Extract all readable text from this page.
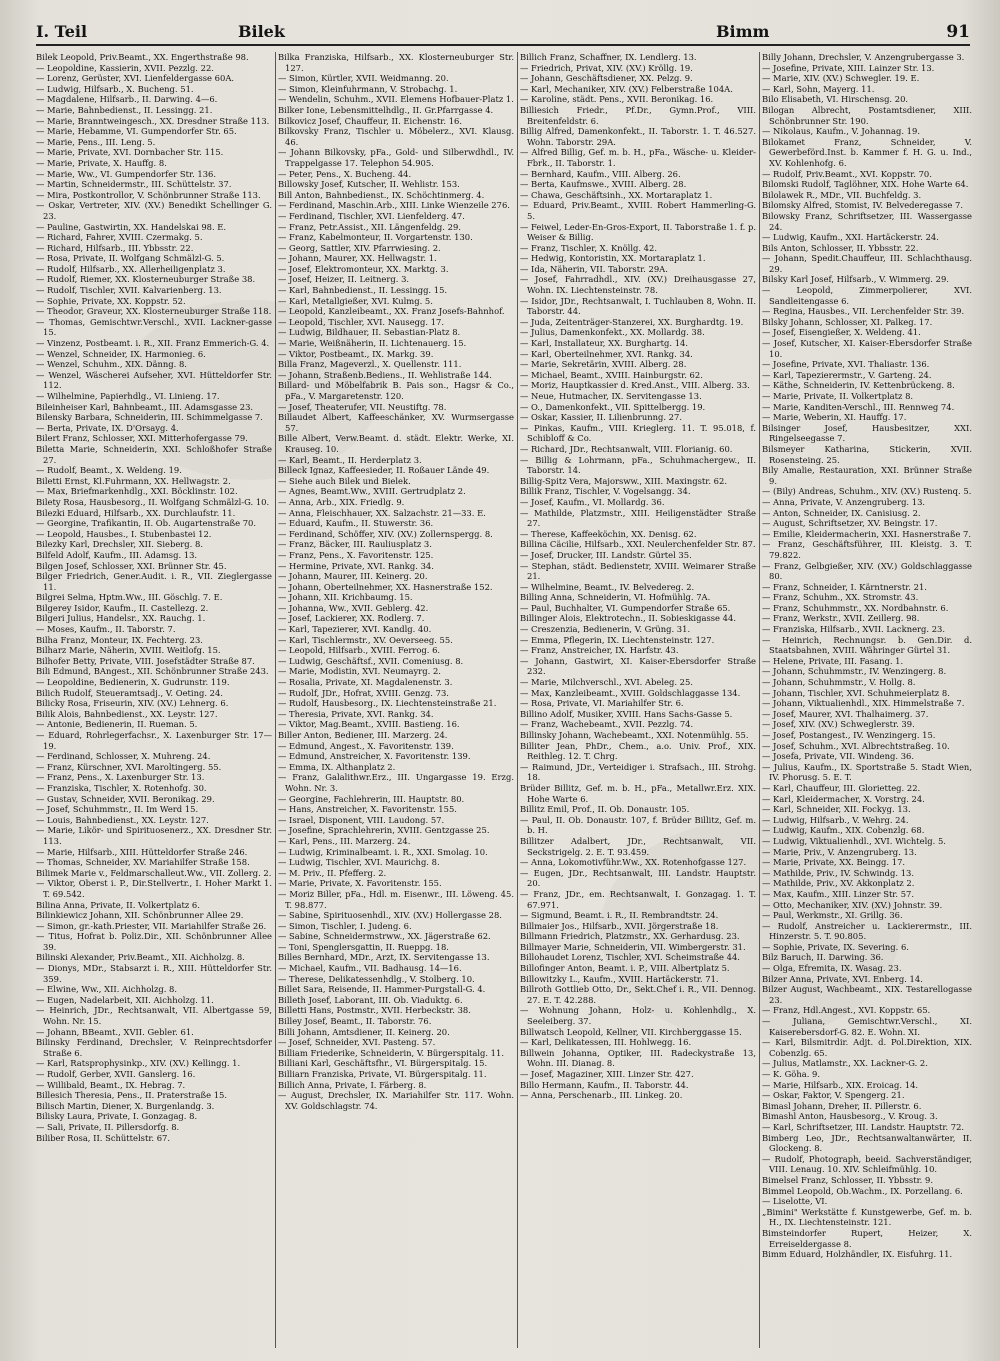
I. Teil	Bilek	Bimm	91

Bilek Leopold, Priv.Beamt., XX. Engerthstraße 98.

— Leopoldine, Kassierin, XVII. Pezzlg. 22.

— Lorenz, Gerüster, XVI. Lienfeldergasse 60A.

— Ludwig, Hilfsarb., X. Bucheng. 51.

— Magdalene, Hilfsarb., II. Darwing. 4—6.

— Marie, Bahnbedienst., II. Lessingg. 21.

— Marie, Branntweingesch., XX. Dresdner Straße 113.

— Marie, Hebamme, VI. Gumpendorfer Str. 65.

— Marie, Pens., III. Leng. 5.

— Marie, Private, XVI. Dornbacher Str. 115.

— Marie, Private, X. Hauffg. 8.

— Marie, Ww., VI. Gumpendorfer Str. 136.

— Martin, Schneidermstr., III. Schüttelstr. 37.

— Mira, Postkontrollor, V. Schönbrunner Straße 113.

— Oskar, Vertreter, XIV. (XV.) Benedikt Schellinger G. 23.

— Pauline, Gastwirtin, XX. Handelskai 98. E.

— Richard, Fahrer, XVIII. Czermakg. 5.

— Richard, Hilfsarb., III. Ybbsstr. 22.

— Rosa, Private, II. Wolfgang Schmälzl-G. 5.

— Rudolf, Hilfsarb., XX. Allerheiligenplatz 3.

— Rudolf, Riemer, XX. Klosterneuburger Straße 38.

— Rudolf, Tischler, XVII. Kalvarienberg. 13.

— Sophie, Private, XX. Koppstr. 52.

— Theodor, Graveur, XX. Klosterneuburger Straße 118.

— Thomas, Gemischtwr.Verschl., XVII. Lackner-gasse 15.

— Vinzenz, Postbeamt. i. R., XII. Franz Emmerich-G. 4.

— Wenzel, Schneider, IX. Harmonieg. 6.

— Wenzel, Schuhm., XIX. Dänng. 8.

— Wenzel, Wäscherei Aufseher, XVI. Hütteldorfer Str. 112.

— Wilhelmine, Papierhdlg., VI. Linieng. 17.

Bileinheiser Karl, Bahnbeamt., III. Adamsgasse 23.

Bilensky Barbara, Schneiderin, III. Schimmelgasse 7.

— Berta, Private, IX. D'Orsayg. 4.

Bilert Franz, Schlosser, XXI. Mitterhofergasse 79.

Biletta Marie, Schneiderin, XXI. Schloßhofer Straße 27.

— Rudolf, Beamt., X. Weldeng. 19.

Biletti Ernst, Kl.Fuhrmann, XX. Hellwagstr. 2.

— Max, Briefmarkenhdlg., XXI. Böcklinstr. 102.

Bilety Rosa, Hausbesorg., II. Wolfgang Schmälzl-G. 10.

Bilezki Eduard, Hilfsarb., XX. Durchlaufstr. 11.

— Georgine, Trafikantin, II. Ob. Augartenstraße 70.

— Leopold, Hausbes., I. Stubenbastei 12.

Bilezky Karl, Drechsler, XII. Sieberg. 8.

Bilfeld Adolf, Kaufm., III. Adamsg. 13.

Bilgen Josef, Schlosser, XXI. Brünner Str. 45.

Bilger Friedrich, Gener.Audit. i. R., VII. Zieglergasse 11.

Bilgrei Selma, Hptm.Ww., III. Göschlg. 7. E.

Bilgerey Isidor, Kaufm., II. Castellezg. 2.

Bilgeri Julius, Handelsr., XX. Rauchg. 1.

— Moses, Kaufm., II. Taborstr. 7.

Bilha Franz, Monteur, IX. Fechterg. 23.

Bilharz Marie, Näherin, XVIII. Weitlofg. 15.

Bilhofer Betty, Private, VIII. Josefstädter Straße 87.

Bili Edmund, BAngest., XII. Schönbrunner Straße 243.

— Leopoldine, Bedienerin, X. Gudrunstr. 119.

Bilich Rudolf, Steueramtsadj., V. Oeting. 24.

Bilicky Rosa, Friseurin, XIV. (XV.) Lehnerg. 6.

Bilik Alois, Bahnbedienst., XX. Leystr. 127.

— Antonie, Bedienerin, II. Rueman. 5.

— Eduard, Rohrlegerfachsr., X. Laxenburger Str. 17—19.

— Ferdinand, Schlosser, X. Muhreng. 24.

— Franz, Kürschner, XVI. Maroltingerg. 55.

— Franz, Pens., X. Laxenburger Str. 13.

— Franziska, Tischler, X. Rotenhofg. 30.

— Gustav, Schneider, XVII. Beronikag. 29.

— Josef, Schuhmmstr., II. Im Werd 15.

— Louis, Bahnbedienst., XX. Leystr. 127.

— Marie, Likör- und Spirituosenerz., XX. Dresdner Str. 113.

— Marie, Hilfsarb., XIII. Hütteldorfer Straße 246.

— Thomas, Schneider, XV. Mariahilfer Straße 158.

Bilimek Marie v., Feldmarschalleut.Ww., VII. Zollerg. 2.

— Viktor, Oberst i. P., Dir.Stellvertr., I. Hoher Markt 1. T. 69.542.

Bilina Anna, Private, II. Volkertplatz 6.

Bilinkiewicz Johann, XII. Schönbrunner Allee 29.

— Simon, gr.-kath.Priester, VII. Mariahilfer Straße 26.

— Titus, Hofrat b. Poliz.Dir., XII. Schönbrunner Allee 39.

Bilinski Alexander, Priv.Beamt., XII. Aichholzg. 8.

— Dionys, MDr., Stabsarzt i. R., XIII. Hütteldorfer Str. 359.

— Elwine, Ww., XII. Aichholzg. 8.

— Eugen, Nadelarbeit, XII. Aichholzg. 11.

— Heinrich, JDr., Rechtsanwalt, VII. Albertgasse 59, Wohn. Nr. 15.

— Johann, BBeamt., XVII. Gebler. 61.

Bilinsky Ferdinand, Drechsler, V. Reinprechtsdorfer Straße 6.

— Karl, Ratsprophysinkp., XIV. (XV.) Kellingg. 1.

— Rudolf, Gerber, XVII. Ganslerg. 16.

— Willibald, Beamt., IX. Hebrag. 7.

Billesich Theresia, Pens., II. Praterstraße 15.

Bilisch Martin, Diener, X. Burgenlandg. 3.

Bilisky Laura, Private, I. Gonzagag. 8.

— Sali, Private, II. Pillersdorfg. 8.

Biliber Rosa, II. Schüttelstr. 67.

Bilka Franziska, Hilfsarb., XX. Klosterneuburger Str. 127.

— Simon, Kürtler, XVII. Weidmanng. 20.

— Simon, Kleinfuhrmann, V. Strobachg. 1.

— Wendelin, Schuhm., XVII. Elemens Hofbauer-Platz 1.

Bilker Ione, Lebensmittelhdlg., II. Gr.Pfarrgasse 4.

Bilkovicz Josef, Chauffeur, II. Eichenstr. 16.

Bilkovsky Franz, Tischler u. Möbelerz., XVI. Klausg. 46.

— Johann Bilkovsky, pFa., Gold- und Silberwdhdl., IV. Trappelgasse 17. Telephon 54.905.

— Peter, Pens., X. Bucheng. 44.

Billowsky Josef, Kutscher, II. Wehlistr. 153.

Bill Anton, Bahnbedienst., IX. Schöchtinmerg. 4.

— Ferdinand, Maschin.Arb., XIII. Linke Wienzeile 276.

— Ferdinand, Tischler, XVI. Lienfelderg. 47.

— Franz, Petr.Assist., XII. Längenfeldg. 29.

— Franz, Kabelmonteur, II. Vorgartenstr. 130.

— Georg, Sattler, XIV. Pfarrwiesing. 2.

— Johann, Maurer, XX. Hellwagstr. 1.

— Josef, Elektromonteur, XX. Marktg. 3.

— Josef, Heizer, II. Leitnerg. 3.

— Karl, Bahnbedienst., II. Lessingg. 15.

— Karl, Metallgießer, XVI. Kulmg. 5.

— Leopold, Kanzleibeamt., XX. Franz Josefs-Bahnhof.

— Leopold, Tischler, XVI. Nausegg. 17.

— Ludwig, Bildhauer, II. Sebastian-Platz 8.

— Marie, Weißnäherin, II. Lichtenauerg. 15.

— Viktor, Postbeamt., IX. Markg. 39.

Billa Franz, Mageverzl., X. Quellenstr. 111.

— Johann, Straßenb.Bediens., II. Wehlistraße 144.

Billard- und Möbelfabrik B. Pais son., Hagsr & Co., pFa., V. Margaretenstr. 120.

— Josef, Theaterufer, VII. Neustiftg. 78.

Billaudet Albert, Kaffeeschänker, XV. Wurmsergasse 57.

Bille Albert, Verw.Beamt. d. städt. Elektr. Werke, XI. Krauseg. 10.

— Karl, Beamt., II. Herderplatz 3.

Billeck Ignaz, Kaffeesieder, II. Roßauer Lände 49.

— Siehe auch Bilek und Bielek.

— Agnes, Beamt.Ww., XVIII. Gertrudplatz 2.

— Anna, Arb., XIX. Friedlg. 9.

— Anna, Fleischhauer, XX. Salzachstr. 21—33. E.

— Eduard, Kaufm., II. Stuwerstr. 36.

— Ferdinand, Schöffer, XIV. (XV.) Zollernspergg. 8.

— Franz, Bäcker, III. Rauliusplatz 3.

— Franz, Pens., X. Favoritenstr. 125.

— Hermine, Private, XVI. Rankg. 34.

— Johann, Maurer, III. Keinerg. 20.

— Johann, Oberteilnehmer, XX. Hasnerstraße 152.

— Johann, XII. Krichbaumg. 15.

— Johanna, Ww., XVII. Geblerg. 42.

— Josef, Lackierer, XX. Rodlerg. 7.

— Karl, Tapezierer, XVI. Kandlg. 40.

— Karl, Tischlermstr., XV. Oeverseeg. 55.

— Leopold, Hilfsarb., XVIII. Ferrog. 6.

— Ludwig, Geschäftsf., XVII. Comeniusg. 8.

— Marie, Modistin, XVI. Neumayrg. 2.

— Rosalia, Private, XI. Magdalenenstr. 3.

— Rudolf, JDr., Hofrat, XVIII. Genzg. 73.

— Rudolf, Hausbesorg., IX. Liechtensteinstraße 21.

— Theresia, Private, XVI. Rankg. 34.

— Viktor, Mag.Beamt., XVIII. Bastieng. 16.

Biller Anton, Bediener, III. Marzerg. 24.

— Edmund, Angest., X. Favoritenstr. 139.

— Edmund, Anstreicher, X. Favoritenstr. 139.

— Emma, IX. Althanplatz 2.

— Franz, Galalithwr.Erz., III. Ungargasse 19. Erzg. Wohn. Nr. 3.

— Georgine, Fachlehrerin, III. Hauptstr. 80.

— Hans, Anstreicher, X. Favoritenstr. 155.

— Israel, Disponent, VIII. Laudong. 57.

— Josefine, Sprachlehrerin, XVIII. Gentzgasse 25.

— Karl, Pens., III. Marzerg. 24.

— Ludwig, Kriminalbeamt. i. R., XXI. Smolag. 10.

— Ludwig, Tischler, XVI. Maurichg. 8.

— M. Priv., II. Pfefferg. 2.

— Marie, Private, X. Favoritenstr. 155.

— Moriz Biller, pFa., Hdl. m. Eisenwr., III. Löweng. 45. T. 98.877.

— Sabine, Spirituosenhdl., XIV. (XV.) Hollergasse 28.

— Simon, Tischler, I. Judeng. 6.

— Sabine, Schneidermstrww., XX. Jägerstraße 62.

— Toni, Spenglersgattin, II. Rueppg. 18.

Billes Bernhard, MDr., Arzt, IX. Servitengasse 13.

— Michael, Kaufm., VII. Badhausg. 14—16.

— Therese, Delikatessenhdlg., V. Stolberg. 10.

Billet Sara, Reisende, II. Hammer-Purgstall-G. 4.

Billeth Josef, Laborant, III. Ob. Viaduktg. 6.

Billetti Hans, Postmstr., XVII. Herbeckstr. 38.

Billey Josef, Beamt., II. Taborstr. 76.

Billi Johann, Amtsdiener, II. Keinerg. 20.

— Josef, Schneider, XVI. Pasteng. 57.

Billiam Friederike, Schneiderin, V. Bürgerspitalg. 11.

Billiani Karl, Geschäftsfhr., VI. Bürgerspitalg. 15.

Billiarn Franziska, Private, VI. Bürgerspitalg. 11.

Billich Anna, Private, I. Färberg. 8.

— August, Drechsler, IX. Mariahilfer Str. 117. Wohn. XV. Goldschlagstr. 74.

Billich Franz, Schaffner, IX. Lendlerg. 13.

— Friedrich, Privat, XIV. (XV.) Kröllg. 19.

— Johann, Geschäftsdiener, XX. Pelzg. 9.

— Karl, Mechaniker, XIV. (XV.) Felberstraße 104A.

— Karoline, städt. Pens., XVII. Beronikag. 16.

Billiesich Friedr., Pf.Dr., Gymn.Prof., VIII. Breitenfeldstr. 6.

Billig Alfred, Damenkonfekt., II. Taborstr. 1. T. 46.527. Wohn. Taborstr. 29A.

— Alfred Billig, Gef. m. b. H., pFa., Wäsche- u. Kleider-Fbrk., II. Taborstr. 1.

— Bernhard, Kaufm., VIII. Alberg. 26.

— Berta, Kaufmswe., XVIII. Alberg. 28.

— Chawa, Geschäftsinh., XX. Mortaraplatz 1.

— Eduard, Priv.Beamt., XVIII. Robert Hammerling-G. 5.

— Feiwel, Leder-En-Gros-Export, II. Taborstraße 1. f. p. Weiser & Billig.

— Franz, Tischler, X. Knöllg. 42.

— Hedwig, Kontoristin, XX. Mortaraplatz 1.

— Ida, Näherin, VII. Taborstr. 29A.

— Josef, Fahrradhdl., XIV. (XV.) Dreihausgasse 27, Wohn. IX. Liechtensteinstr. 78.

— Isidor, JDr., Rechtsanwalt, I. Tuchlauben 8, Wohn. II. Taborstr. 44.

— Juda, Zeitenträger-Stanzerei, XX. Burghardtg. 19.

— Julius, Damenkonfekt., XX. Mollardg. 38.

— Karl, Installateur, XX. Burghartg. 14.

— Karl, Oberteilnehmer, XVI. Rankg. 34.

— Marie, Sekretärin, XVIII. Alberg. 28.

— Michael, Beamt., XVIII. Hainburgstr. 62.

— Moriz, Hauptkassier d. Kred.Anst., VIII. Alberg. 33.

— Neue, Hutmacher, IX. Servitengasse 13.

— O., Damenkonfekt., VII. Spittelbergg. 19.

— Oskar, Kassier, II. Lilienbrunng. 27.

— Pinkas, Kaufm., VIII. Krieglerg. 11. T. 95.018, f. Schibloff & Co.

— Richard, JDr., Rechtsanwalt, VIII. Florianig. 60.

— Billig & Lohrmann, pFa., Schuhmachergew., II. Taborstr. 14.

Billig-Spitz Vera, Majorsww., XIII. Maxingstr. 62.

Billik Franz, Tischler, V. Vogelsangg. 34.

— Josef, Kaufm., VI. Mollardg. 36.

— Mathilde, Platzmstr., XIII. Heiligenstädter Straße 27.

— Therese, Kaffeeköchin, XX. Denisg. 62.

Billina Cäcilie, Hilfsarb., XXI. Neulerchenfelder Str. 87.

— Josef, Drucker, III. Landstr. Gürtel 35.

— Stephan, städt. Bedienstetr, XVIII. Weimarer Straße 21.

— Wilhelmine, Beamt., IV. Belvedereg. 2.

Billing Anna, Schneiderin, VI. Hofmühlg. 7A.

— Paul, Buchhalter, VI. Gumpendorfer Straße 65.

Billinger Alois, Elektrotechn., II. Sobieskigasse 44.

— Creszenzia, Bedienerin, V. Grüng. 31.

— Emma, Pflegerin, IX. Liechtensteinstr. 127.

— Franz, Anstreicher, IX. Harfstr. 43.

— Johann, Gastwirt, XI. Kaiser-Ebersdorfer Straße 232.

— Marie, Milchverschl., XVI. Abeleg. 25.

— Max, Kanzleibeamt., XVIII. Goldschlaggasse 134.

— Rosa, Private, VI. Mariahilfer Str. 6.

Billino Adolf, Musiker, XVIII. Hans Sachs-Gasse 5.

— Franz, Wachebeamt., XVII. Pezzlg. 74.

Billinsky Johann, Wachebeamt., XXI. Notenmühlg. 55.

Billiter Jean, PhDr., Chem., a.o. Univ. Prof., XIX. Reithleg. 12. T. Chrg.

— Raimund, JDr., Verteidiger i. Strafsach., III. Strohg. 18.

Brüder Billitz, Gef. m. b. H., pFa., Metallwr.Erz. XIX. Hohe Warte 6.

Billitz Emil, Prof., II. Ob. Donaustr. 105.

— Paul, II. Ob. Donaustr. 107, f. Brüder Billitz, Gef. m. b. H.

Billitzer Adalbert, JDr., Rechtsanwalt, VII. Seckstrigelg. 2. E. T. 93.459.

— Anna, Lokomotivführ.Ww., XX. Rotenhofgasse 127.

— Eugen, JDr., Rechtsanwalt, III. Landstr. Hauptstr. 20.

— Franz, JDr., em. Rechtsanwalt, I. Gonzagag. 1. T. 67.971.

— Sigmund, Beamt. i. R., II. Rembrandtstr. 24.

Billmaier Jos., Hilfsarb., XVII. Jörgerstraße 18.

Billmann Friedrich, Platzmstr., XX. Gerhardusg. 23.

Billmayer Marie, Schneiderin, VII. Wimbergerstr. 31.

Billohaudet Lorenz, Tischler, XVI. Scheimstraße 44.

Billofinger Anton, Beamt. i. P., VIII. Albertplatz 5.

Billowitzky L., Kaufm., XVIII. Hartäckerstr. 71.

Billroth Gottlieb Otto, Dr., Sekt.Chef i. R., VII. Dennog. 27. E. T. 42.288.

— Wohnung Johann, Holz- u. Kohlenhdlg., X. Seeleiberg. 37.

Billwatsch Leopold, Kellner, VII. Kirchberggasse 15.

— Karl, Delikatessen, III. Hohlwegg. 16.

Billwein Johanna, Optiker, III. Radeckystraße 13, Wohn. III. Dianag. 8.

— Josef, Magaziner, XIII. Linzer Str. 427.

Billo Hermann, Kaufm., II. Taborstr. 44.

— Anna, Perschenarb., III. Linkeg. 20.

Billy Johann, Drechsler, V. Anzengrubergasse 3.

— Josefine, Private, XIII. Lainzer Str. 13.

— Marie, XIV. (XV.) Schwegler. 19. E.

— Karl, Sohn, Mayerg. 11.

Bilo Elisabeth, VI. Hirschensg. 20.

Bilogan Albrecht, Postamtsdiener, XIII. Schönbrunner Str. 190.

— Nikolaus, Kaufm., V. Johannag. 19.

Bilokamet Franz, Schneider, V. Gewerbeförd.Inst. b. Kammer f. H. G. u. Ind., XV. Kohlenhofg. 6.

— Rudolf, Priv.Beamt., XVI. Koppstr. 70.

Bilomski Rudolf, Taglöhner, XIX. Hohe Warte 64.

Bilolawek R., MDr., VII. Buchfeldg. 3.

Bilomsky Alfred, Stomist, IV. Belvederegasse 7.

Bilowsky Franz, Schriftsetzer, III. Wassergasse 24.

— Ludwig, Kaufm., XXI. Hartäckerstr. 24.

Bils Anton, Schlosser, II. Ybbsstr. 22.

— Johann, Spedit.Chauffeur, III. Schlachthausg. 29.

Bilsky Karl Josef, Hilfsarb., V. Wimmerg. 29.

— Leopold, Zimmerpolierer, XVI. Sandleitengasse 6.

— Regina, Hausbes., VII. Lerchenfelder Str. 39.

Bilsky Johann, Schlosser, XI. Palkeg. 17.

— Josef, Eisengießer, X. Weldeng. 41.

— Josef, Kutscher, XI. Kaiser-Ebersdorfer Straße 10.

— Josefine, Private, XVI. Thaliastr. 136.

— Karl, Tapezierermstr., V. Garteng. 24.

— Käthe, Schneiderin, IV. Kettenbrückeng. 8.

— Marie, Private, II. Volkertplatz 8.

— Marie, Kanditen-Verschl., III. Rennweg 74.

— Marie, Weberin, XI. Hauffg. 17.

Bilsinger Josef, Hausbesitzer, XXI. Ringelseegasse 7.

Bilsmeyer Katharina, Stickerin, XVII. Rosensteing. 25.

Bily Amalie, Restauration, XXI. Brünner Straße 9.

— (Bily) Andreas, Schuhm., XIV. (XV.) Rustenq. 5.

— Anna, Private, V. Anzengruberg. 13.

— Anton, Schneider, IX. Canisiusg. 2.

— August, Schriftsetzer, XV. Beingstr. 17.

— Emilie, Kleidermacherin, XXI. Hasnerstraße 7.

— Franz, Geschäftsführer, III. Kleistg. 3. T. 79.822.

— Franz, Gelbgießer, XIV. (XV.) Goldschlaggasse 80.

— Franz, Schneider, I. Kärntnerstr. 21.

— Franz, Schuhm., XX. Stromstr. 43.

— Franz, Schuhmmstr., XX. Nordbahnstr. 6.

— Franz, Werkstr., XVII. Zeillerg. 98.

— Franziska, Hilfsarb., XVII. Lacknerg. 23.

— Heinrich, Rechnungsr. b. Gen.Dir. d. Staatsbahnen, XVIII. Währinger Gürtel 31.

— Helene, Private, III. Fasang. 1.

— Johann, Schuhmmstr., IV. Wenzingerg. 8.

— Johann, Schuhmmstr., V. Hollg. 8.

— Johann, Tischler, XVI. Schuhmeierplatz 8.

— Johann, Viktualienhdl., XIX. Himmelstraße 7.

— Josef, Maurer, XVI. Thalhaimerg. 37.

— Josef, XIV. (XV.) Schweglerstr. 39.

— Josef, Postangest., IV. Wenzingerg. 15.

— Josef, Schuhm., XVI. Albrechtstraßeg. 10.

— Josefa, Private, VII. Windeng. 36.

— Julius, Kaufm., IX. Sportstraße 5. Stadt Wien, IV. Phorusg. 5. E. T.

— Karl, Chauffeur, III. Glorietteg. 22.

— Karl, Kleidermacher, X. Vorstrg. 24.

— Karl, Schneider, XII. Fockyg. 13.

— Ludwig, Hilfsarb., V. Wehrg. 24.

— Ludwig, Kaufm., XIX. Cobenzlg. 68.

— Ludwig, Viktualienhdl., XVI. Wichtelg. 5.

— Marie, Priv., V. Anzengruberg. 13.

— Marie, Private, XX. Beingg. 17.

— Mathilde, Priv., IV. Schwindg. 13.

— Mathilde, Priv., XV. Akkonplatz 2.

— Max, Kaufm., XIII. Linzer Str. 57.

— Otto, Mechaniker, XIV. (XV.) Johnstr. 39.

— Paul, Werkmstr., XI. Grillg. 36.

— Rudolf, Anstreicher u. Lackierermstr., III. Hinzerstr. 5. T. 90.805.

— Sophie, Private, IX. Severing. 6.

Bilz Baruch, II. Darwing. 36.

— Olga, Efremita, IX. Wasag. 23.

Bilzer Anna, Private, XVI. Enberg. 14.

Bilzer August, Wachbeamt., XIX. Testarellogasse 23.

— Franz, Hdl.Angest., XVI. Koppstr. 65.

— Juliana, Gemischtwr.Verschl., XI. Kaiserebersdorf-G. 82. E. Wohn. XI.

— Karl, Bilsmitrdir. Adjt. d. Pol.Direktion, XIX. Cobenzlg. 65.

— Julius, Matlamstr., XX. Lackner-G. 2.

— K. Göha. 9.

— Marie, Hilfsarb., XIX. Eroicag. 14.

— Oskar, Faktor, V. Spengerg. 21.

Bimasl Johann, Dreher, II. Pillerstr. 6.

Bimashl Anton, Hausbesorg., V. Kroug. 3.

— Karl, Schriftsetzer, III. Landstr. Hauptstr. 72.

Bimberg Leo, JDr., Rechtsanwaltanwärter, II. Glockeng. 8.

— Rudolf, Photograph, beeid. Sachverständiger, VIII. Lenaug. 10. XIV. Schleifmühlg. 10.

Bimelsel Franz, Schlosser, II. Ybbsstr. 9.

Bimmel Leopold, Ob.Wachm., IX. Porzellang. 6.

— Liselotte, VI.

„Bimini" Werkstätte f. Kunstgewerbe, Gef. m. b. H., IX. Liechtensteinstr. 121.

Bimsteindorfer Rupert, Heizer, X. Erreiseldergasse 8.

Bimm Eduard, Holzhändler, IX. Eisfuhrg. 11.
